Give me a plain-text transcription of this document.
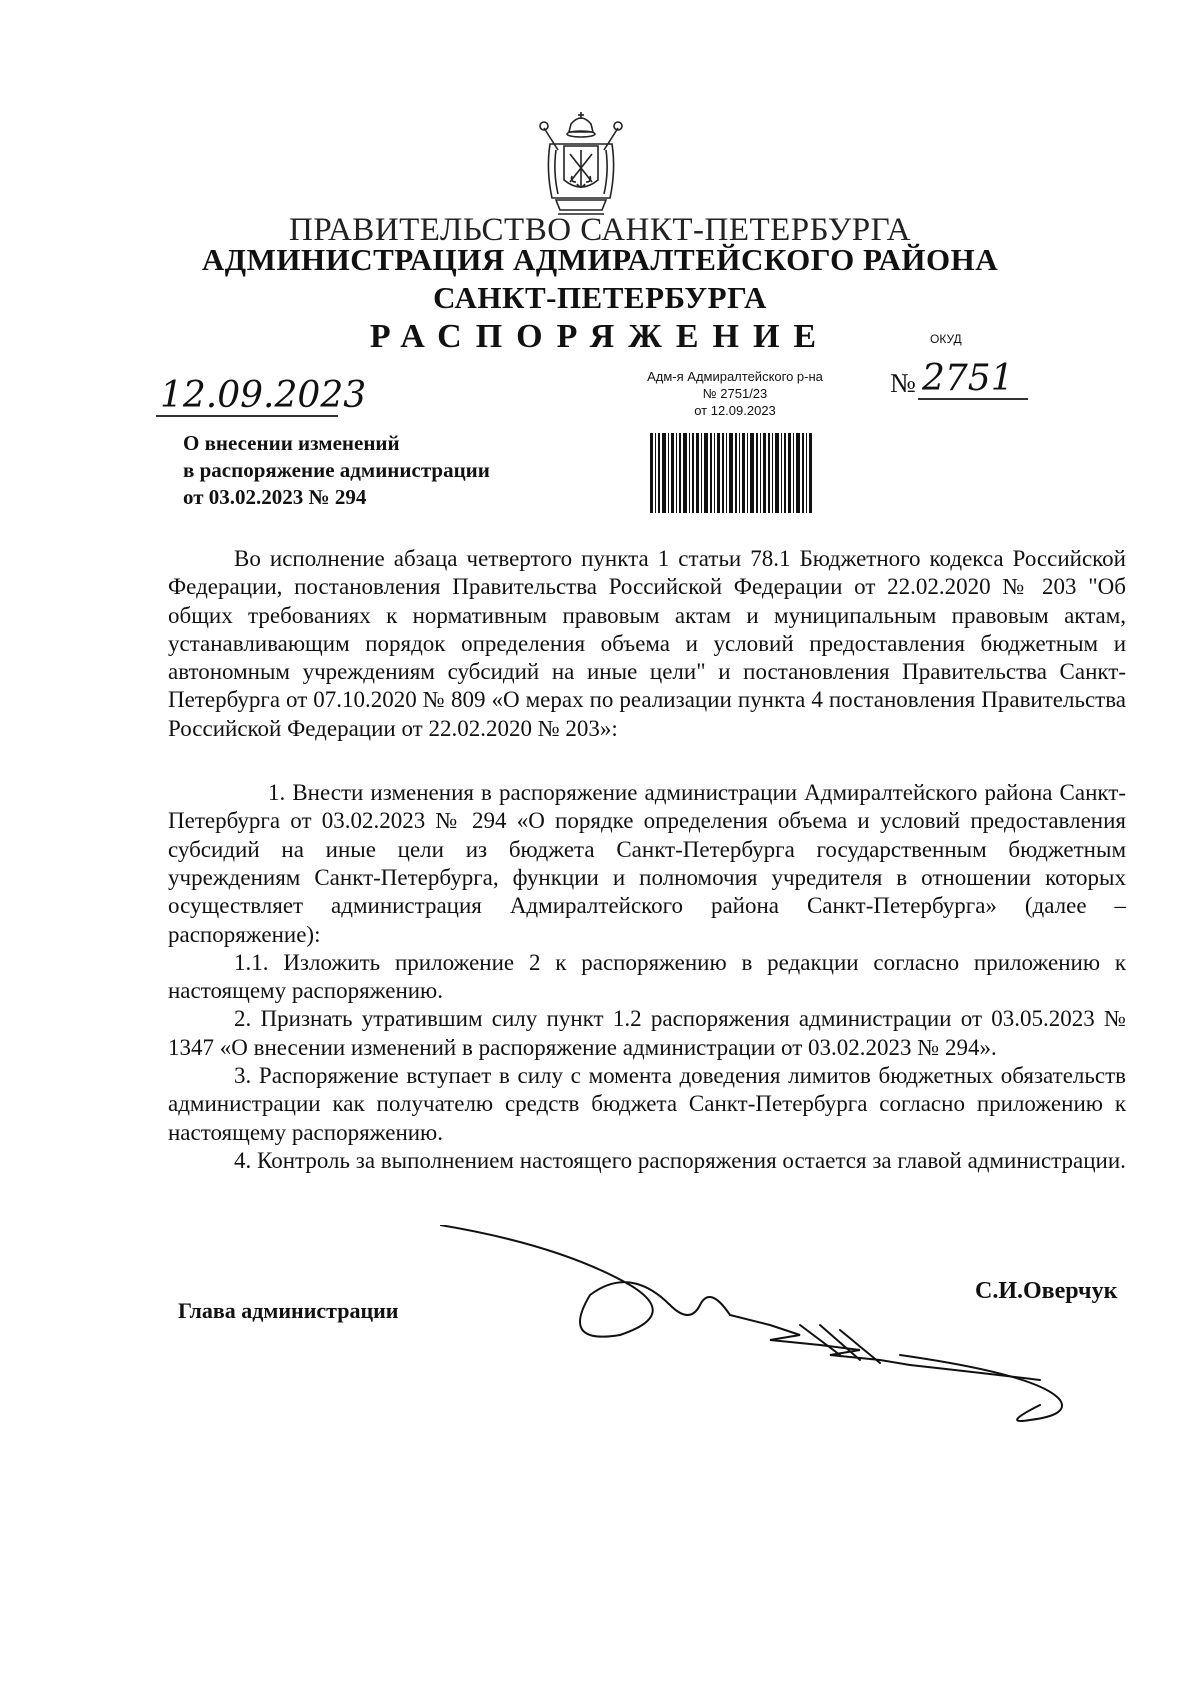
ПРАВИТЕЛЬСТВО САНКТ-ПЕТЕРБУРГА
АДМИНИСТРАЦИЯ АДМИРАЛТЕЙСКОГО РАЙОНА
САНКТ-ПЕТЕРБУРГА
РАСПОРЯЖЕНИЕ	ОКУД
12.09.2023	№ 2751
Адм-я Адмиралтейского р-на
№ 2751/23
от 12.09.2023
О внесении изменений
в распоряжение администрации
от 03.02.2023 № 294

Во исполнение абзаца четвертого пункта 1 статьи 78.1 Бюджетного кодекса Российской Федерации, постановления Правительства Российской Федерации от 22.02.2020 № 203 "Об общих требованиях к нормативным правовым актам и муниципальным правовым актам, устанавливающим порядок определения объема и условий предоставления бюджетным и автономным учреждениям субсидий на иные цели" и постановления Правительства Санкт-Петербурга от 07.10.2020 № 809 «О мерах по реализации пункта 4 постановления Правительства Российской Федерации от 22.02.2020 № 203»:

1. Внести изменения в распоряжение администрации Адмиралтейского района Санкт-Петербурга от 03.02.2023 № 294 «О порядке определения объема и условий предоставления субсидий на иные цели из бюджета Санкт-Петербурга государственным бюджетным учреждениям Санкт-Петербурга, функции и полномочия учредителя в отношении которых осуществляет администрация Адмиралтейского района Санкт-Петербурга» (далее – распоряжение):

1.1. Изложить приложение 2 к распоряжению в редакции согласно приложению к настоящему распоряжению.

2. Признать утратившим силу пункт 1.2 распоряжения администрации от 03.05.2023 № 1347 «О внесении изменений в распоряжение администрации от 03.02.2023 № 294».

3. Распоряжение вступает в силу с момента доведения лимитов бюджетных обязательств администрации как получателю средств бюджета Санкт-Петербурга согласно приложению к настоящему распоряжению.

4. Контроль за выполнением настоящего распоряжения остается за главой администрации.

Глава администрации
С.И.Оверчук
